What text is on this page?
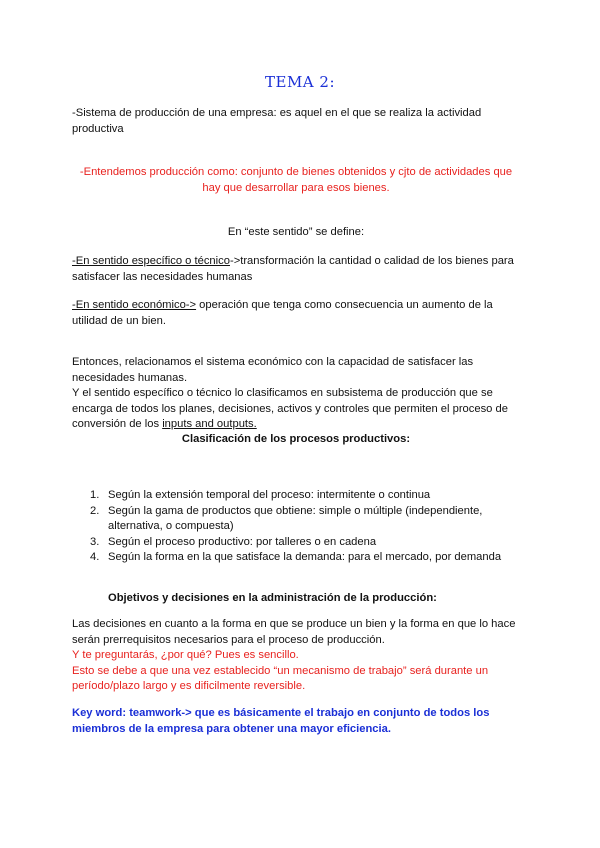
TEMA 2:
-Sistema de producción de una empresa: es aquel en el que se realiza la actividad productiva
-Entendemos producción como: conjunto de bienes obtenidos y cjto de actividades que hay que desarrollar para esos bienes.
En “este sentido” se define:
-En sentido específico o técnico->transformación la cantidad o calidad de los bienes para satisfacer las necesidades humanas
-En sentido económico-> operación que tenga como consecuencia un aumento de la utilidad de un bien.
Entonces, relacionamos el sistema económico con la capacidad de satisfacer las necesidades humanas.
Y el sentido específico o técnico lo clasificamos en subsistema de producción que se encarga de todos los planes, decisiones, activos y controles que permiten el proceso de conversión de los inputs and outputs.
Clasificación de los procesos productivos:
1. Según la extensión temporal del proceso: intermitente o continua
2. Según la gama de productos que obtiene: simple o múltiple (independiente, alternativa, o compuesta)
3. Según el proceso productivo: por talleres o en cadena
4. Según la forma en la que satisface la demanda: para el mercado, por demanda
Objetivos y decisiones en la administración de la producción:
Las decisiones en cuanto a la forma en que se produce un bien y la forma en que lo hace serán prerrequisitos necesarios para el proceso de producción.
Y te preguntarás, ¿por qué? Pues es sencillo.
Esto se debe a que una vez establecido “un mecanismo de trabajo” será durante un período/plazo largo y es dificilmente reversible.
Key word: teamwork-> que es básicamente el trabajo en conjunto de todos los miembros de la empresa para obtener una mayor eficiencia.
